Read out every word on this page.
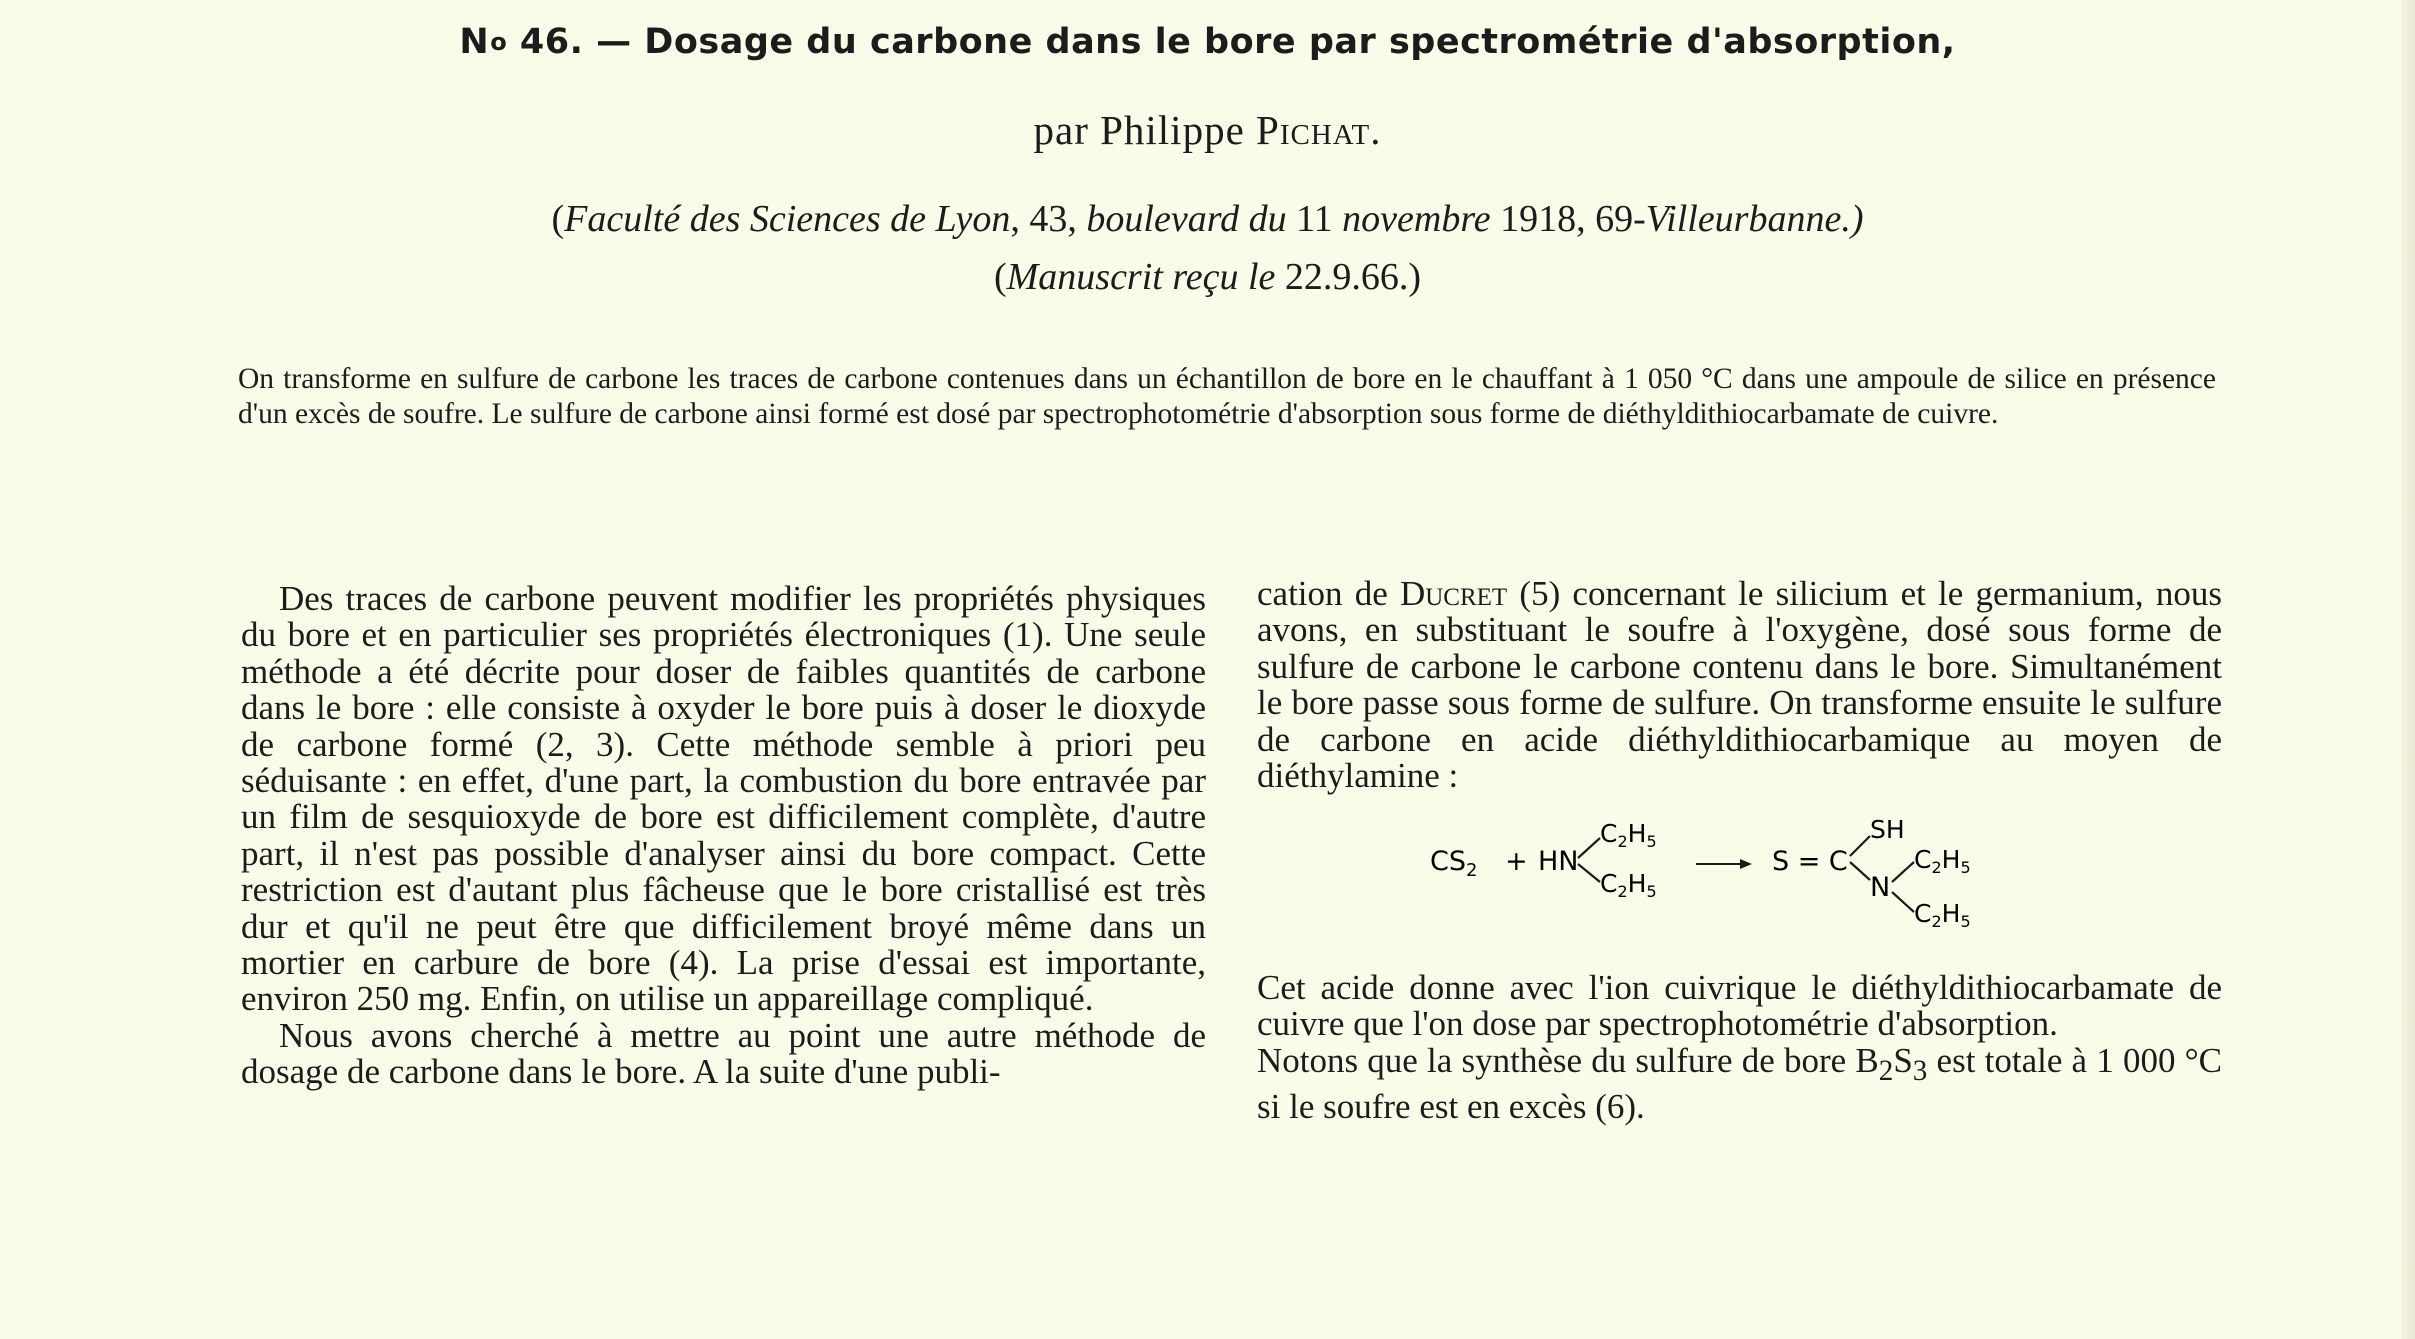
$N^o$ 46. — Dosage du carbone dans le bore par spectrométrie d'absorption,
par Philippe Pichat.
(Faculté des Sciences de Lyon, 43, boulevard du 11 novembre 1918, 69-Villeurbanne.)
(Manuscrit reçu le 22.9.66.)
On transforme en sulfure de carbone les traces de carbone contenues dans un échantillon de bore en le chauffant à 1 050 °C dans une ampoule de silice en présence d'un excès de soufre. Le sulfure de carbone ainsi formé est dosé par spectrophotométrie d'absorption sous forme de diéthyldithiocarbamate de cuivre.

Des traces de carbone peuvent modifier les propriétés physiques du bore et en particulier ses propriétés électroniques (1). Une seule méthode a été décrite pour doser de faibles quantités de carbone dans le bore : elle consiste à oxyder le bore puis à doser le dioxyde de carbone formé (2, 3). Cette méthode semble à priori peu séduisante : en effet, d'une part, la combustion du bore entravée par un film de sesquioxyde de bore est difficilement complète, d'autre part, il n'est pas possible d'analyser ainsi du bore compact. Cette restriction est d'autant plus fâcheuse que le bore cristallisé est très dur et qu'il ne peut être que difficilement broyé même dans un mortier en carbure de bore (4). La prise d'essai est importante, environ 250 mg. Enfin, on utilise un appareillage compliqué.

Nous avons cherché à mettre au point une autre méthode de dosage de carbone dans le bore. A la suite d'une publi-

cation de Ducret (5) concernant le silicium et le germanium, nous avons, en substituant le soufre à l'oxygène, dosé sous forme de sulfure de carbone le carbone contenu dans le bore. Simultanément le bore passe sous forme de sulfure. On transforme ensuite le sulfure de carbone en acide diéthyldithiocarbamique au moyen de diéthylamine :

$CS_2$ + HN
$C_2H_5$
$C_2H_5$
S = C
SH
N
$C_2H_5$
$C_2H_5$

Cet acide donne avec l'ion cuivrique le diéthyldithiocarbamate de cuivre que l'on dose par spectrophotométrie d'absorption.

Notons que la synthèse du sulfure de bore $B_2S_3$ est totale à 1 000 °C si le soufre est en excès (6).
